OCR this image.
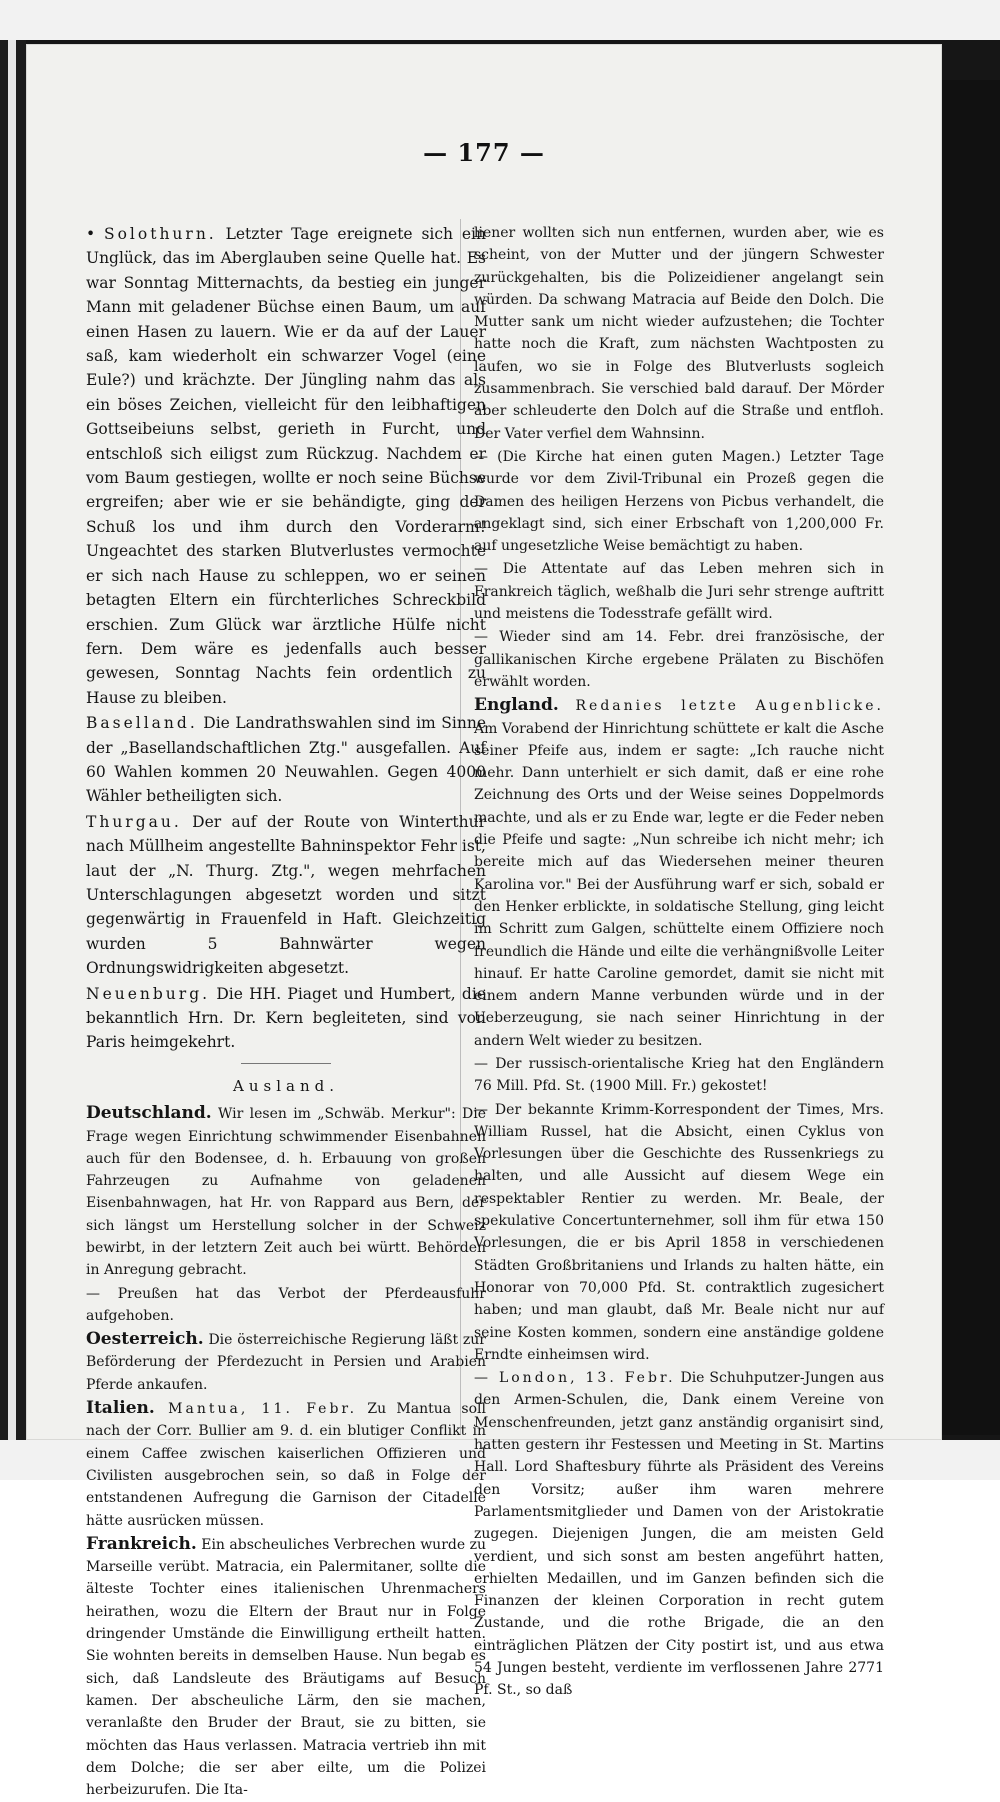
— 177 —

• Solothurn. Letzter Tage ereignete sich ein Unglück, das im Aberglauben seine Quelle hat. Es war Sonntag Mitternachts, da bestieg ein junger Mann mit geladener Büchse einen Baum, um auf einen Hasen zu lauern. Wie er da auf der Lauer saß, kam wiederholt ein schwarzer Vogel (eine Eule?) und krächzte. Der Jüngling nahm das als ein böses Zeichen, vielleicht für den leibhaftigen Gottseibeiuns selbst, gerieth in Furcht, und entschloß sich eiligst zum Rückzug. Nachdem er vom Baum gestiegen, wollte er noch seine Büchse ergreifen; aber wie er sie behändigte, ging der Schuß los und ihm durch den Vorderarm! Ungeachtet des starken Blutverlustes vermochte er sich nach Hause zu schleppen, wo er seinen betagten Eltern ein fürchterliches Schreckbild erschien. Zum Glück war ärztliche Hülfe nicht fern. Dem wäre es jedenfalls auch besser gewesen, Sonntag Nachts fein ordentlich zu Hause zu bleiben.

Baselland. Die Landrathswahlen sind im Sinne der „Basellandschaftlichen Ztg." ausgefallen. Auf 60 Wahlen kommen 20 Neuwahlen. Gegen 4000 Wähler betheiligten sich.

Thurgau. Der auf der Route von Winterthur nach Müllheim angestellte Bahninspektor Fehr ist, laut der „N. Thurg. Ztg.", wegen mehrfachen Unterschlagungen abgesetzt worden und sitzt gegenwärtig in Frauenfeld in Haft. Gleichzeitig wurden 5 Bahnwärter wegen Ordnungswidrigkeiten abgesetzt.

Neuenburg. Die HH. Piaget und Humbert, die bekanntlich Hrn. Dr. Kern begleiteten, sind von Paris heimgekehrt.

Ausland.

Deutschland. Wir lesen im „Schwäb. Merkur": Die Frage wegen Einrichtung schwimmender Eisenbahnen auch für den Bodensee, d. h. Erbauung von großen Fahrzeugen zu Aufnahme von geladenen Eisenbahnwagen, hat Hr. von Rappard aus Bern, der sich längst um Herstellung solcher in der Schweiz bewirbt, in der letztern Zeit auch bei württ. Behörden in Anregung gebracht.

— Preußen hat das Verbot der Pferdeausfuhr aufgehoben.

Oesterreich. Die österreichische Regierung läßt zur Beförderung der Pferdezucht in Persien und Arabien Pferde ankaufen.

Italien. Mantua, 11. Febr. Zu Mantua soll nach der Corr. Bullier am 9. d. ein blutiger Conflikt in einem Caffee zwischen kaiserlichen Offizieren und Civilisten ausgebrochen sein, so daß in Folge der entstandenen Aufregung die Garnison der Citadelle hätte ausrücken müssen.

Frankreich. Ein abscheuliches Verbrechen wurde zu Marseille verübt. Matracia, ein Palermitaner, sollte die älteste Tochter eines italienischen Uhrenmachers heirathen, wozu die Eltern der Braut nur in Folge dringender Umstände die Einwilligung ertheilt hatten. Sie wohnten bereits in demselben Hause. Nun begab es sich, daß Landsleute des Bräutigams auf Besuch kamen. Der abscheuliche Lärm, den sie machen, veranlaßte den Bruder der Braut, sie zu bitten, sie möchten das Haus verlassen. Matracia vertrieb ihn mit dem Dolche; die ser aber eilte, um die Polizei herbeizurufen. Die Ita-

liener wollten sich nun entfernen, wurden aber, wie es scheint, von der Mutter und der jüngern Schwester zurückgehalten, bis die Polizeidiener angelangt sein würden. Da schwang Matracia auf Beide den Dolch. Die Mutter sank um nicht wieder aufzustehen; die Tochter hatte noch die Kraft, zum nächsten Wachtposten zu laufen, wo sie in Folge des Blutverlusts sogleich zusammenbrach. Sie verschied bald darauf. Der Mörder aber schleuderte den Dolch auf die Straße und entfloh. Der Vater verfiel dem Wahnsinn.

— (Die Kirche hat einen guten Magen.) Letzter Tage wurde vor dem Zivil-Tribunal ein Prozeß gegen die Damen des heiligen Herzens von Picbus verhandelt, die angeklagt sind, sich einer Erbschaft von 1,200,000 Fr. auf ungesetzliche Weise bemächtigt zu haben.

— Die Attentate auf das Leben mehren sich in Frankreich täglich, weßhalb die Juri sehr strenge auftritt und meistens die Todesstrafe gefällt wird.

— Wieder sind am 14. Febr. drei französische, der gallikanischen Kirche ergebene Prälaten zu Bischöfen erwählt worden.

England. Redanies letzte Augenblicke. Am Vorabend der Hinrichtung schüttete er kalt die Asche seiner Pfeife aus, indem er sagte: „Ich rauche nicht mehr. Dann unterhielt er sich damit, daß er eine rohe Zeichnung des Orts und der Weise seines Doppelmords machte, und als er zu Ende war, legte er die Feder neben die Pfeife und sagte: „Nun schreibe ich nicht mehr; ich bereite mich auf das Wiedersehen meiner theuren Karolina vor." Bei der Ausführung warf er sich, sobald er den Henker erblickte, in soldatische Stellung, ging leicht im Schritt zum Galgen, schüttelte einem Offiziere noch freundlich die Hände und eilte die verhängnißvolle Leiter hinauf. Er hatte Caroline gemordet, damit sie nicht mit einem andern Manne verbunden würde und in der Ueberzeugung, sie nach seiner Hinrichtung in der andern Welt wieder zu besitzen.

— Der russisch-orientalische Krieg hat den Engländern 76 Mill. Pfd. St. (1900 Mill. Fr.) gekostet!

— Der bekannte Krimm-Korrespondent der Times, Mrs. William Russel, hat die Absicht, einen Cyklus von Vorlesungen über die Geschichte des Russenkriegs zu halten, und alle Aussicht auf diesem Wege ein respektabler Rentier zu werden. Mr. Beale, der spekulative Concertunternehmer, soll ihm für etwa 150 Vorlesungen, die er bis April 1858 in verschiedenen Städten Großbritaniens und Irlands zu halten hätte, ein Honorar von 70,000 Pfd. St. contraktlich zugesichert haben; und man glaubt, daß Mr. Beale nicht nur auf seine Kosten kommen, sondern eine anständige goldene Erndte einheimsen wird.

— London, 13. Febr. Die Schuhputzer-Jungen aus den Armen-Schulen, die, Dank einem Vereine von Menschenfreunden, jetzt ganz anständig organisirt sind, hatten gestern ihr Festessen und Meeting in St. Martins Hall. Lord Shaftesbury führte als Präsident des Vereins den Vorsitz; außer ihm waren mehrere Parlamentsmitglieder und Damen von der Aristokratie zugegen. Diejenigen Jungen, die am meisten Geld verdient, und sich sonst am besten angeführt hatten, erhielten Medaillen, und im Ganzen befinden sich die Finanzen der kleinen Corporation in recht gutem Zustande, und die rothe Brigade, die an den einträglichen Plätzen der City postirt ist, und aus etwa 54 Jungen besteht, verdiente im verflossenen Jahre 2771 Pf. St., so daß
